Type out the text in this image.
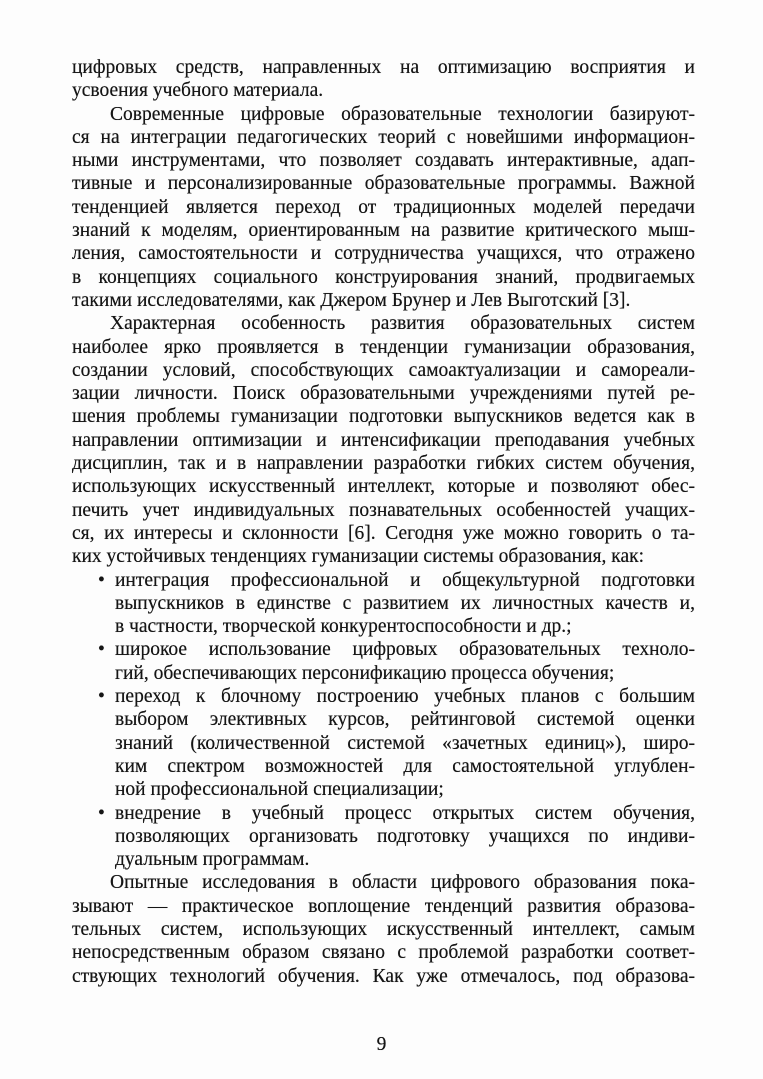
цифровых средств, направленных на оптимизацию восприятия и
усвоения учебного материала.
Современные цифровые образовательные технологии базируют-
ся на интеграции педагогических теорий с новейшими информацион-
ными инструментами, что позволяет создавать интерактивные, адап-
тивные и персонализированные образовательные программы. Важной
тенденцией является переход от традиционных моделей передачи
знаний к моделям, ориентированным на развитие критического мыш-
ления, самостоятельности и сотрудничества учащихся, что отражено
в концепциях социального конструирования знаний, продвигаемых
такими исследователями, как Джером Брунер и Лев Выготский [3].
Характерная особенность развития образовательных систем
наиболее ярко проявляется в тенденции гуманизации образования,
создании условий, способствующих самоактуализации и самореали-
зации личности. Поиск образовательными учреждениями путей ре-
шения проблемы гуманизации подготовки выпускников ведется как в
направлении оптимизации и интенсификации преподавания учебных
дисциплин, так и в направлении разработки гибких систем обучения,
использующих искусственный интеллект, которые и позволяют обес-
печить учет индивидуальных познавательных особенностей учащих-
ся, их интересы и склонности [6]. Сегодня уже можно говорить о та-
ких устойчивых тенденциях гуманизации системы образования, как:
• интеграция профессиональной и общекультурной подготовки
выпускников в единстве с развитием их личностных качеств и,
в частности, творческой конкурентоспособности и др.;
• широкое использование цифровых образовательных техноло-
гий, обеспечивающих персонификацию процесса обучения;
• переход к блочному построению учебных планов с большим
выбором элективных курсов, рейтинговой системой оценки
знаний (количественной системой «зачетных единиц»), широ-
ким спектром возможностей для самостоятельной углублен-
ной профессиональной специализации;
• внедрение в учебный процесс открытых систем обучения,
позволяющих организовать подготовку учащихся по индиви-
дуальным программам.
Опытные исследования в области цифрового образования пока-
зывают — практическое воплощение тенденций развития образова-
тельных систем, использующих искусственный интеллект, самым
непосредственным образом связано с проблемой разработки соответ-
ствующих технологий обучения. Как уже отмечалось, под образова-
9
